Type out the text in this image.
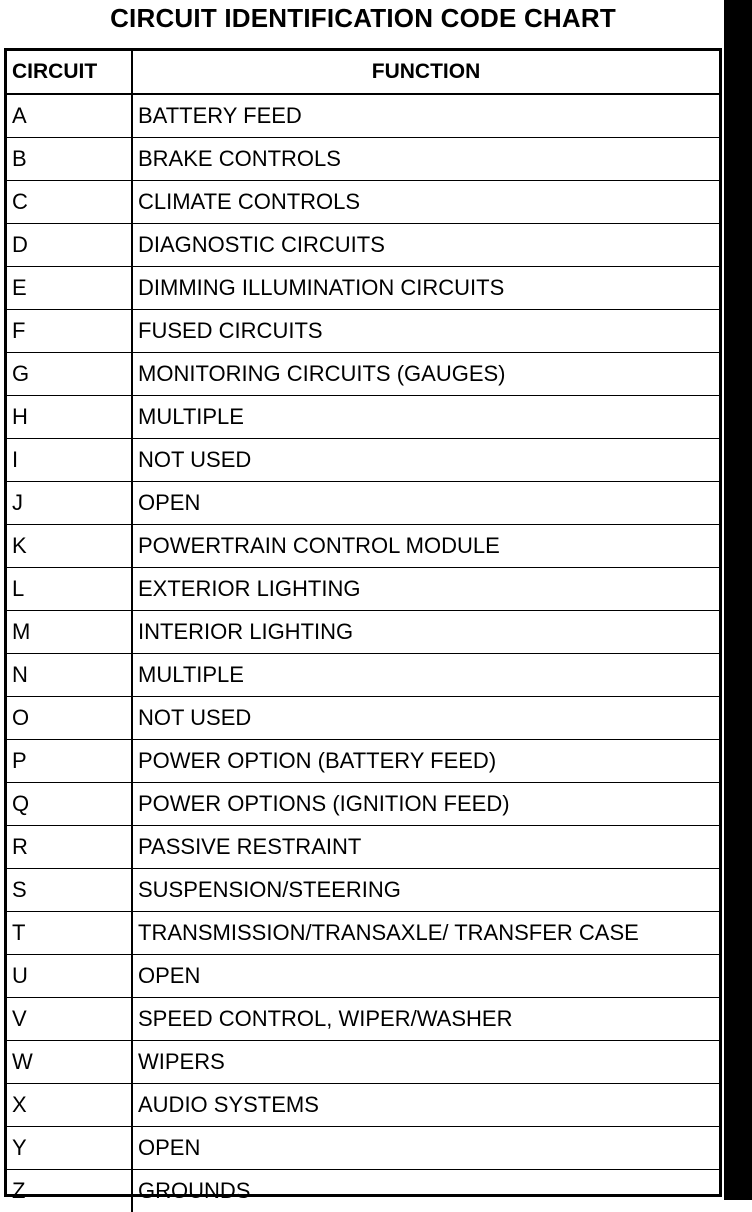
CIRCUIT IDENTIFICATION CODE CHART
CIRCUIT	FUNCTION
A	BATTERY FEED
B	BRAKE CONTROLS
C	CLIMATE CONTROLS
D	DIAGNOSTIC CIRCUITS
E	DIMMING ILLUMINATION CIRCUITS
F	FUSED CIRCUITS
G	MONITORING CIRCUITS (GAUGES)
H	MULTIPLE
I	NOT USED
J	OPEN
K	POWERTRAIN CONTROL MODULE
L	EXTERIOR LIGHTING
M	INTERIOR LIGHTING
N	MULTIPLE
O	NOT USED
P	POWER OPTION (BATTERY FEED)
Q	POWER OPTIONS (IGNITION FEED)
R	PASSIVE RESTRAINT
S	SUSPENSION/STEERING
T	TRANSMISSION/TRANSAXLE/ TRANSFER CASE
U	OPEN
V	SPEED CONTROL, WIPER/WASHER
W	WIPERS
X	AUDIO SYSTEMS
Y	OPEN
Z	GROUNDS
